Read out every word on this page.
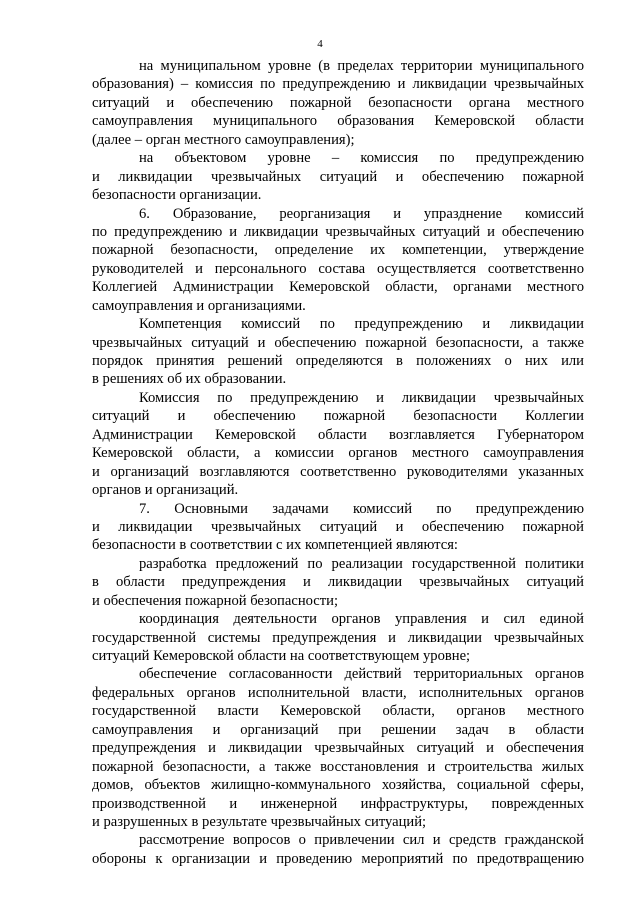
4
на муниципальном уровне (в пределах территории муниципального
образования) – комиссия по предупреждению и ликвидации чрезвычайных
ситуаций и обеспечению пожарной безопасности органа местного
самоуправления муниципального образования Кемеровской области
(далее – орган местного самоуправления);
на объектовом уровне – комиссия по предупреждению
и ликвидации чрезвычайных ситуаций и обеспечению пожарной
безопасности организации.
6. Образование, реорганизация и упразднение комиссий
по предупреждению и ликвидации чрезвычайных ситуаций и обеспечению
пожарной безопасности, определение их компетенции, утверждение
руководителей и персонального состава осуществляется соответственно
Коллегией Администрации Кемеровской области, органами местного
самоуправления и организациями.
Компетенция комиссий по предупреждению и ликвидации
чрезвычайных ситуаций и обеспечению пожарной безопасности, а также
порядок принятия решений определяются в положениях о них или
в решениях об их образовании.
Комиссия по предупреждению и ликвидации чрезвычайных
ситуаций и обеспечению пожарной безопасности Коллегии
Администрации Кемеровской области возглавляется Губернатором
Кемеровской области, а комиссии органов местного самоуправления
и организаций возглавляются соответственно руководителями указанных
органов и организаций.
7. Основными задачами комиссий по предупреждению
и ликвидации чрезвычайных ситуаций и обеспечению пожарной
безопасности в соответствии с их компетенцией являются:
разработка предложений по реализации государственной политики
в области предупреждения и ликвидации чрезвычайных ситуаций
и обеспечения пожарной безопасности;
координация деятельности органов управления и сил единой
государственной системы предупреждения и ликвидации чрезвычайных
ситуаций Кемеровской области на соответствующем уровне;
обеспечение согласованности действий территориальных органов
федеральных органов исполнительной власти, исполнительных органов
государственной власти Кемеровской области, органов местного
самоуправления и организаций при решении задач в области
предупреждения и ликвидации чрезвычайных ситуаций и обеспечения
пожарной безопасности, а также восстановления и строительства жилых
домов, объектов жилищно-коммунального хозяйства, социальной сферы,
производственной и инженерной инфраструктуры, поврежденных
и разрушенных в результате чрезвычайных ситуаций;
рассмотрение вопросов о привлечении сил и средств гражданской
обороны к организации и проведению мероприятий по предотвращению
